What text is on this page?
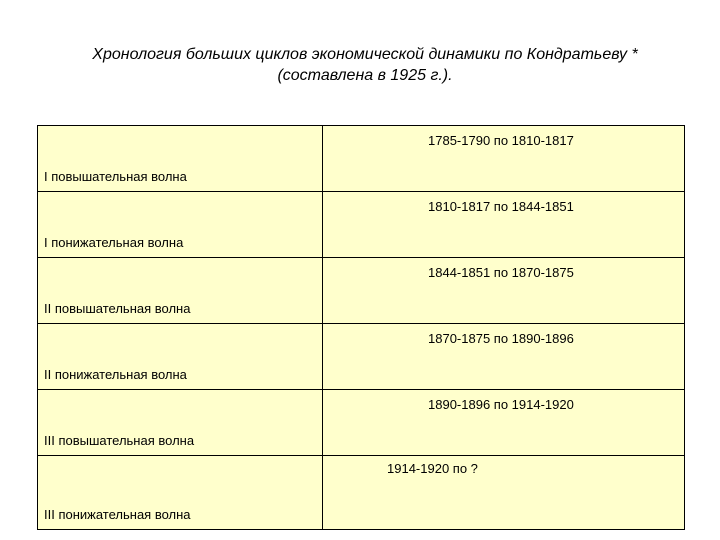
Хронология больших циклов экономической динамики по Кондратьеву *
(составлена в 1925 г.).
I повышательная волна	1785-1790 по 1810-1817
I понижательная волна	1810-1817 по 1844-1851
II повышательная волна	1844-1851 по 1870-1875
II понижательная волна	1870-1875 по 1890-1896
III повышательная волна	1890-1896 по 1914-1920
III понижательная волна	1914-1920 по ?
